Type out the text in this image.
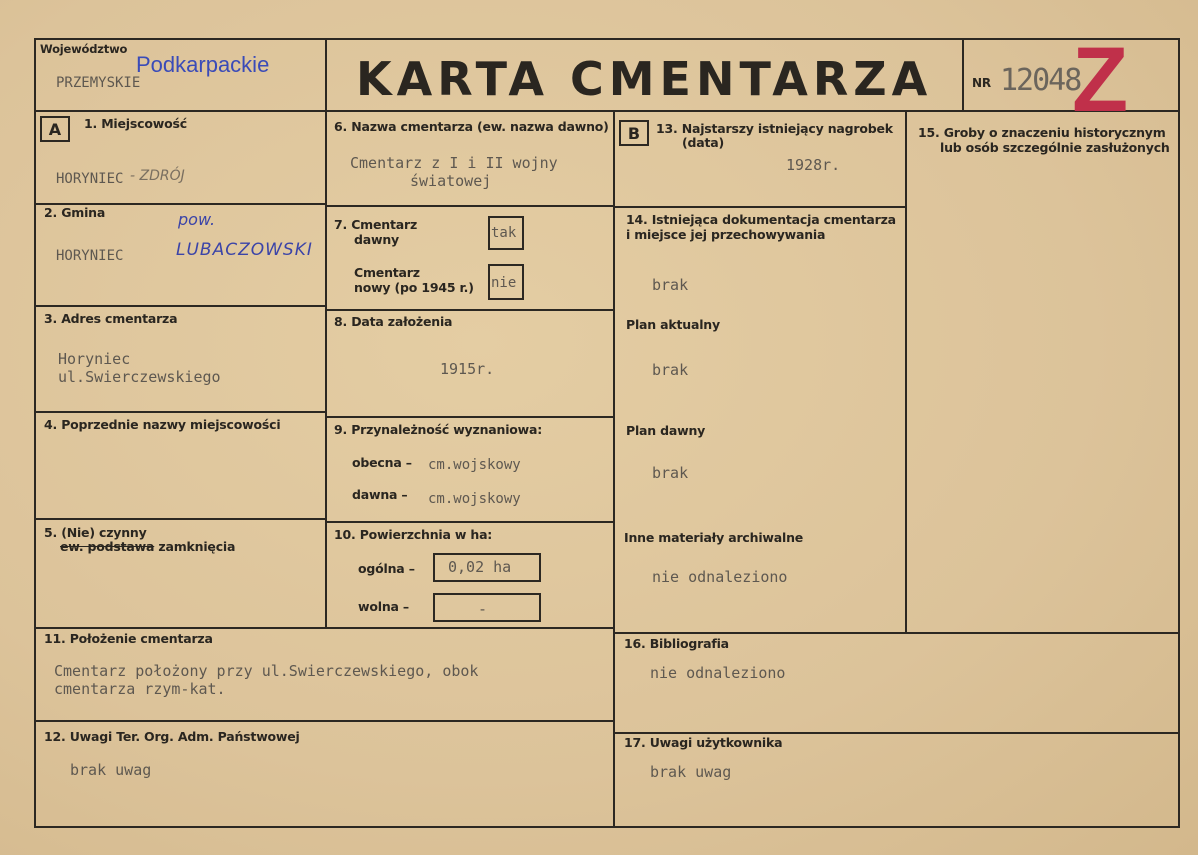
Województwo
Podkarpackie
PRZEMYSKIE	KARTA CMENTARZA	NR 12048
Z
A	B
1. Miejscowość
HORYNIEC - ZDRÓJ
2. Gmina
HORYNIEC
pow.
LUBACZOWSKI
3. Adres cmentarza
Horyniec
ul.Swierczewskiego
4. Poprzednie nazwy miejscowości
5. (Nie) czynny
ew. podstawa zamknięcia
6. Nazwa cmentarza (ew. nazwa dawno)
Cmentarz z I i II wojny
światowej
7. Cmentarz
dawny	tak
Cmentarz
nowy (po 1945 r.) nie
8. Data założenia
1915r.
9. Przynależność wyznaniowa:
obecna – cm.wojskowy
dawna – cm.wojskowy
10. Powierzchnia w ha:
ogólna – 0,02 ha
wolna –	-
11. Położenie cmentarza
Cmentarz położony przy ul.Swierczewskiego, obok
cmentarza rzym-kat.
12. Uwagi Ter. Org. Adm. Państwowej
brak uwag
13. Najstarszy istniejący nagrobek
(data)
1928r.
14. Istniejąca dokumentacja cmentarza
i miejsce jej przechowywania
brak
Plan aktualny
brak
Plan dawny
brak
Inne materiały archiwalne
nie odnaleziono
15. Groby o znaczeniu historycznym
lub osób szczególnie zasłużonych
16. Bibliografia
nie odnaleziono
17. Uwagi użytkownika
brak uwag
